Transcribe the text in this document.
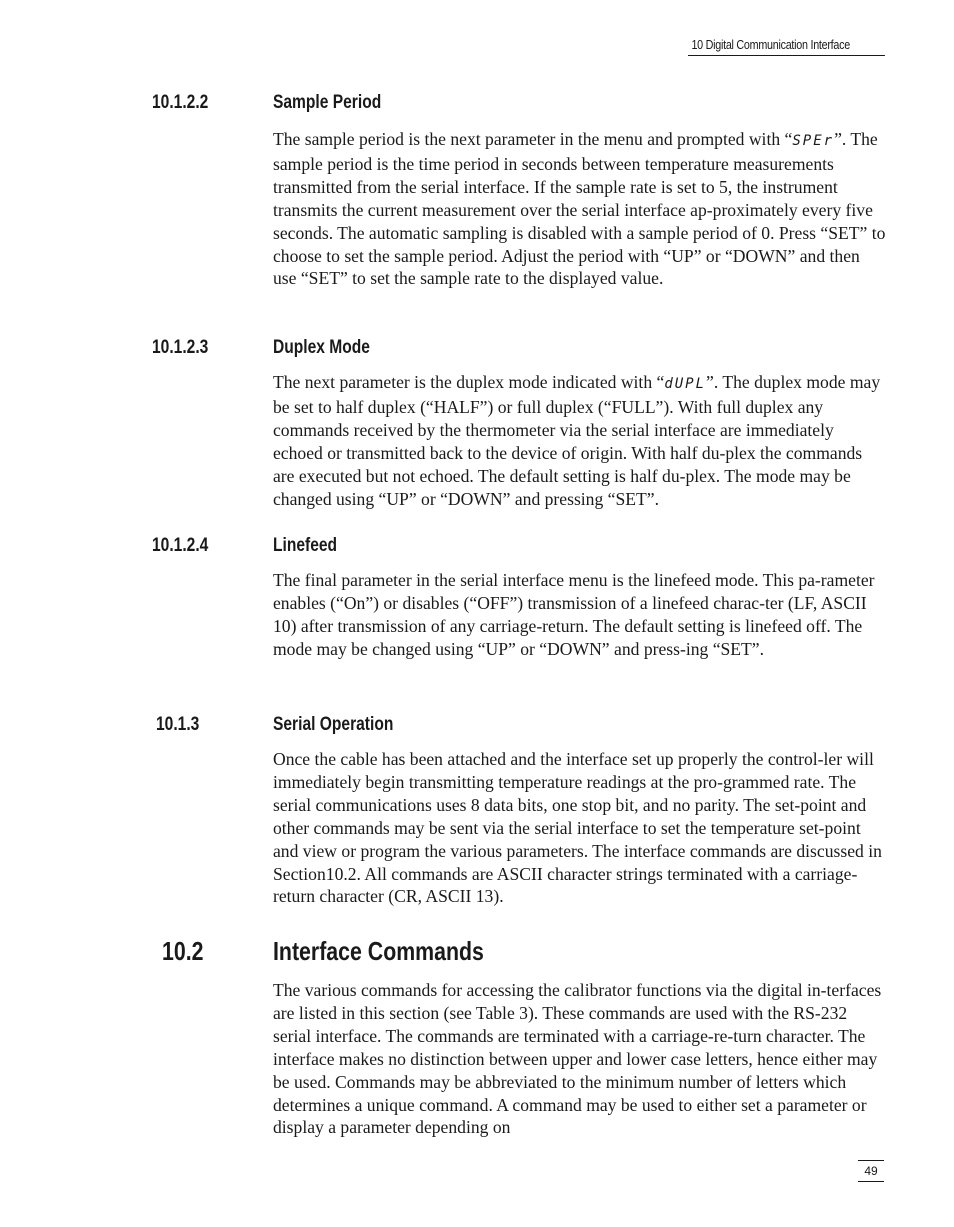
10 Digital Communication Interface
10.1.2.2	Sample Period

The sample period is the next parameter in the menu and prompted with “SPEr”. The sample period is the time period in seconds between temperature measurements transmitted from the serial interface. If the sample rate is set to 5, the instrument transmits the current measurement over the serial interface ap-proximately every five seconds. The automatic sampling is disabled with a sample period of 0. Press “SET” to choose to set the sample period. Adjust the period with “UP” or “DOWN” and then use “SET” to set the sample rate to the displayed value.

10.1.2.3	Duplex Mode

The next parameter is the duplex mode indicated with “dUPL”. The duplex mode may be set to half duplex (“HALF”) or full duplex (“FULL”). With full duplex any commands received by the thermometer via the serial interface are immediately echoed or transmitted back to the device of origin. With half du-plex the commands are executed but not echoed. The default setting is half du-plex. The mode may be changed using “UP” or “DOWN” and pressing “SET”.

10.1.2.4	Linefeed

The final parameter in the serial interface menu is the linefeed mode. This pa-rameter enables (“On”) or disables (“OFF”) transmission of a linefeed charac-ter (LF, ASCII 10) after transmission of any carriage-return. The default setting is linefeed off. The mode may be changed using “UP” or “DOWN” and press-ing “SET”.

10.1.3	Serial Operation

Once the cable has been attached and the interface set up properly the control-ler will immediately begin transmitting temperature readings at the pro-grammed rate. The serial communications uses 8 data bits, one stop bit, and no parity. The set-point and other commands may be sent via the serial interface to set the temperature set-point and view or program the various parameters. The interface commands are discussed in Section10.2. All commands are ASCII character strings terminated with a carriage-return character (CR, ASCII 13).

10.2	Interface Commands

The various commands for accessing the calibrator functions via the digital in-terfaces are listed in this section (see Table 3). These commands are used with the RS-232 serial interface. The commands are terminated with a carriage-re-turn character. The interface makes no distinction between upper and lower case letters, hence either may be used. Commands may be abbreviated to the minimum number of letters which determines a unique command. A command may be used to either set a parameter or display a parameter depending on

49
